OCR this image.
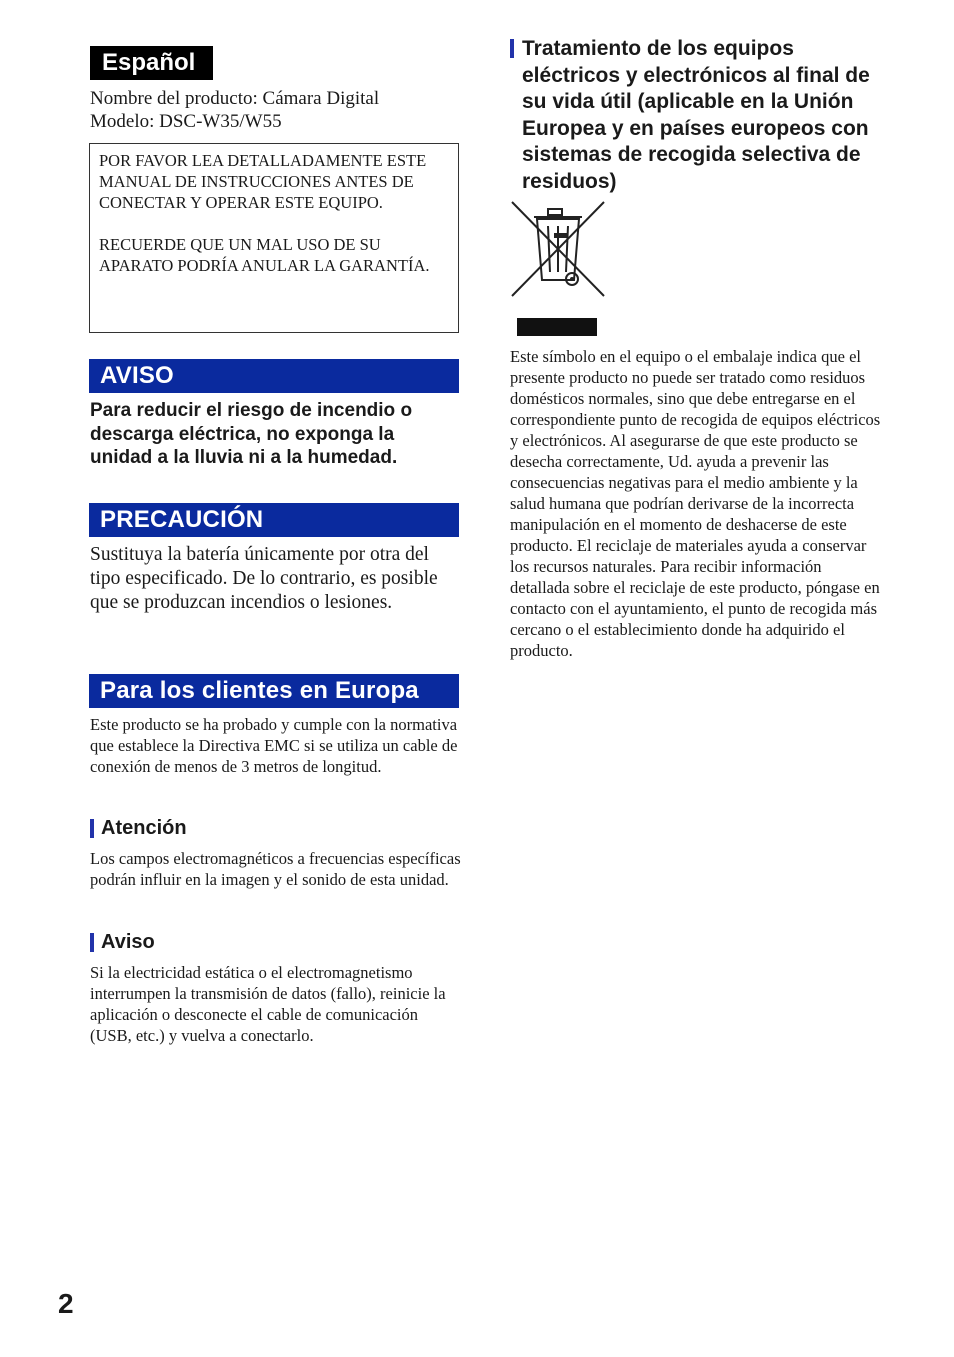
Español
Nombre del producto: Cámara Digital
Modelo: DSC-W35/W55

POR FAVOR LEA DETALLADAMENTE ESTE MANUAL DE INSTRUCCIONES ANTES DE CONECTAR Y OPERAR ESTE EQUIPO.

RECUERDE QUE UN MAL USO DE SU APARATO PODRÍA ANULAR LA GARANTÍA.

AVISO
Para reducir el riesgo de incendio o descarga eléctrica, no exponga la unidad a la lluvia ni a la humedad.
PRECAUCIÓN
Sustituya la batería únicamente por otra del tipo especificado. De lo contrario, es posible que se produzcan incendios o lesiones.
Para los clientes en Europa
Este producto se ha probado y cumple con la normativa que establece la Directiva EMC si se utiliza un cable de conexión de menos de 3 metros de longitud.
Atención
Los campos electromagnéticos a frecuencias específicas podrán influir en la imagen y el sonido de esta unidad.
Aviso
Si la electricidad estática o el electromagnetismo interrumpen la transmisión de datos (fallo), reinicie la aplicación o desconecte el cable de comunicación (USB, etc.) y vuelva a conectarlo.
Tratamiento de los equipos eléctricos y electrónicos al final de su vida útil (aplicable en la Unión Europea y en países europeos con sistemas de recogida selectiva de residuos)
Este símbolo en el equipo o el embalaje indica que el presente producto no puede ser tratado como residuos domésticos normales, sino que debe entregarse en el correspondiente punto de recogida de equipos eléctricos y electrónicos. Al asegurarse de que este producto se desecha correctamente, Ud. ayuda a prevenir las consecuencias negativas para el medio ambiente y la salud humana que podrían derivarse de la incorrecta manipulación en el momento de deshacerse de este producto. El reciclaje de materiales ayuda a conservar los recursos naturales. Para recibir información detallada sobre el reciclaje de este producto, póngase en contacto con el ayuntamiento, el punto de recogida más cercano o el establecimiento donde ha adquirido el producto.
2
